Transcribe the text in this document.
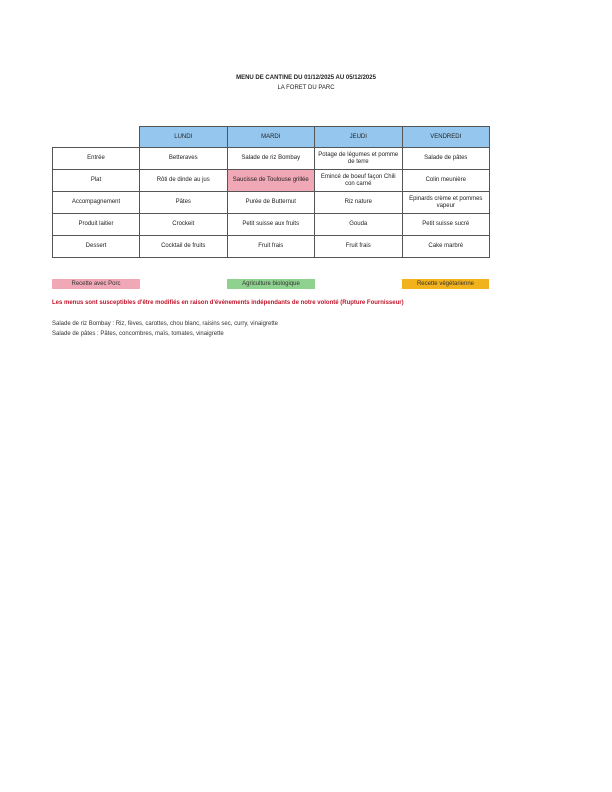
MENU DE CANTINE DU 01/12/2025 AU 05/12/2025
LA FORET DU PARC
	LUNDI	MARDI	JEUDI	VENDREDI
Entrée	Betteraves	Salade de riz Bombay	Potage de légumes et pomme de terre	Salade de pâtes
Plat	Rôti de dinde au jus	Saucisse de Toulouse grillée	Emincé de boeuf façon Chili con carné	Colin meunière
Accompagnement	Pâtes	Purée de Butternut	Riz nature	Epinards crème et pommes vapeur
Produit laitier	Crockeit	Petit suisse aux fruits	Gouda	Petit suisse sucré
Dessert	Cocktail de fruits	Fruit frais	Fruit frais	Cake marbré
Recette avec Porc	Agriculture biologique	Recette végétarienne
Les menus sont susceptibles d'être modifiés en raison d'événements indépendants de notre volonté (Rupture Fournisseur)
Salade de riz Bombay : Riz, fèves, carottes, chou blanc, raisins sec, curry, vinaigrette
Salade de pâtes : Pâtes, concombres, maïs, tomates, vinaigrette
